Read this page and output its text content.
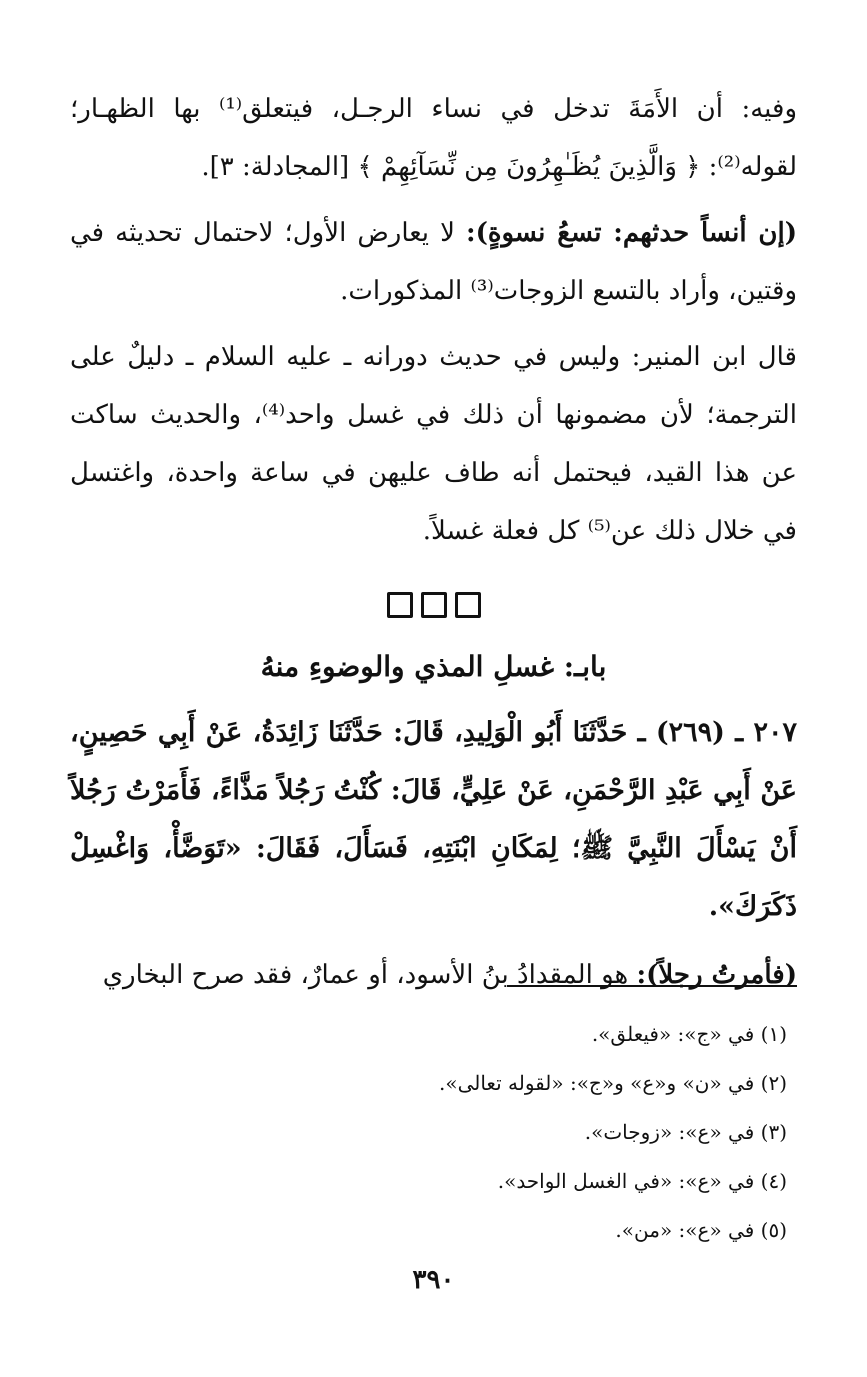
وفيه: أن الأَمَةَ تدخل في نساء الرجـل، فيتعلق⁽¹⁾ بها الظهـار؛ لقوله⁽²⁾: ﴿ وَالَّذِينَ يُظَـٰهِرُونَ مِن نِّسَآئِهِمْ ﴾ [المجادلة: ٣].

(إن أنساً حدثهم: تسعُ نسوةٍ): لا يعارض الأول؛ لاحتمال تحديثه في وقتين، وأراد بالتسع الزوجات⁽³⁾ المذكورات.

قال ابن المنير: وليس في حديث دورانه ـ عليه السلام ـ دليلٌ على الترجمة؛ لأن مضمونها أن ذلك في غسل واحد⁽⁴⁾، والحديث ساكت عن هذا القيد، فيحتمل أنه طاف عليهن في ساعة واحدة، واغتسل في خلال ذلك عن⁽⁵⁾ كل فعلة غسلاً.

بابـ: غسلِ المذي والوضوءِ منهُ

٢٠٧ ـ (٢٦٩) ـ حَدَّثَنَا أَبُو الْوَلِيدِ، قَالَ: حَدَّثَنَا زَائِدَةُ، عَنْ أَبِي حَصِينٍ، عَنْ أَبِي عَبْدِ الرَّحْمَنِ، عَنْ عَلِيٍّ، قَالَ: كُنْتُ رَجُلاً مَذَّاءً، فَأَمَرْتُ رَجُلاً أَنْ يَسْأَلَ النَّبِيَّ ﷺ؛ لِمَكَانِ ابْنَتِهِ، فَسَأَلَ، فَقَالَ: «تَوَضَّأْ، وَاغْسِلْ ذَكَرَكَ».

(فأمرتُ رجلاً): هو المقدادُ بنُ الأسود، أو عمارٌ، فقد صرح البخاري

(١) في «ج»: «فيعلق».
(٢) في «ن» و«ع» و«ج»: «لقوله تعالى».
(٣) في «ع»: «زوجات».
(٤) في «ع»: «في الغسل الواحد».
(٥) في «ع»: «من».
٣٩٠
